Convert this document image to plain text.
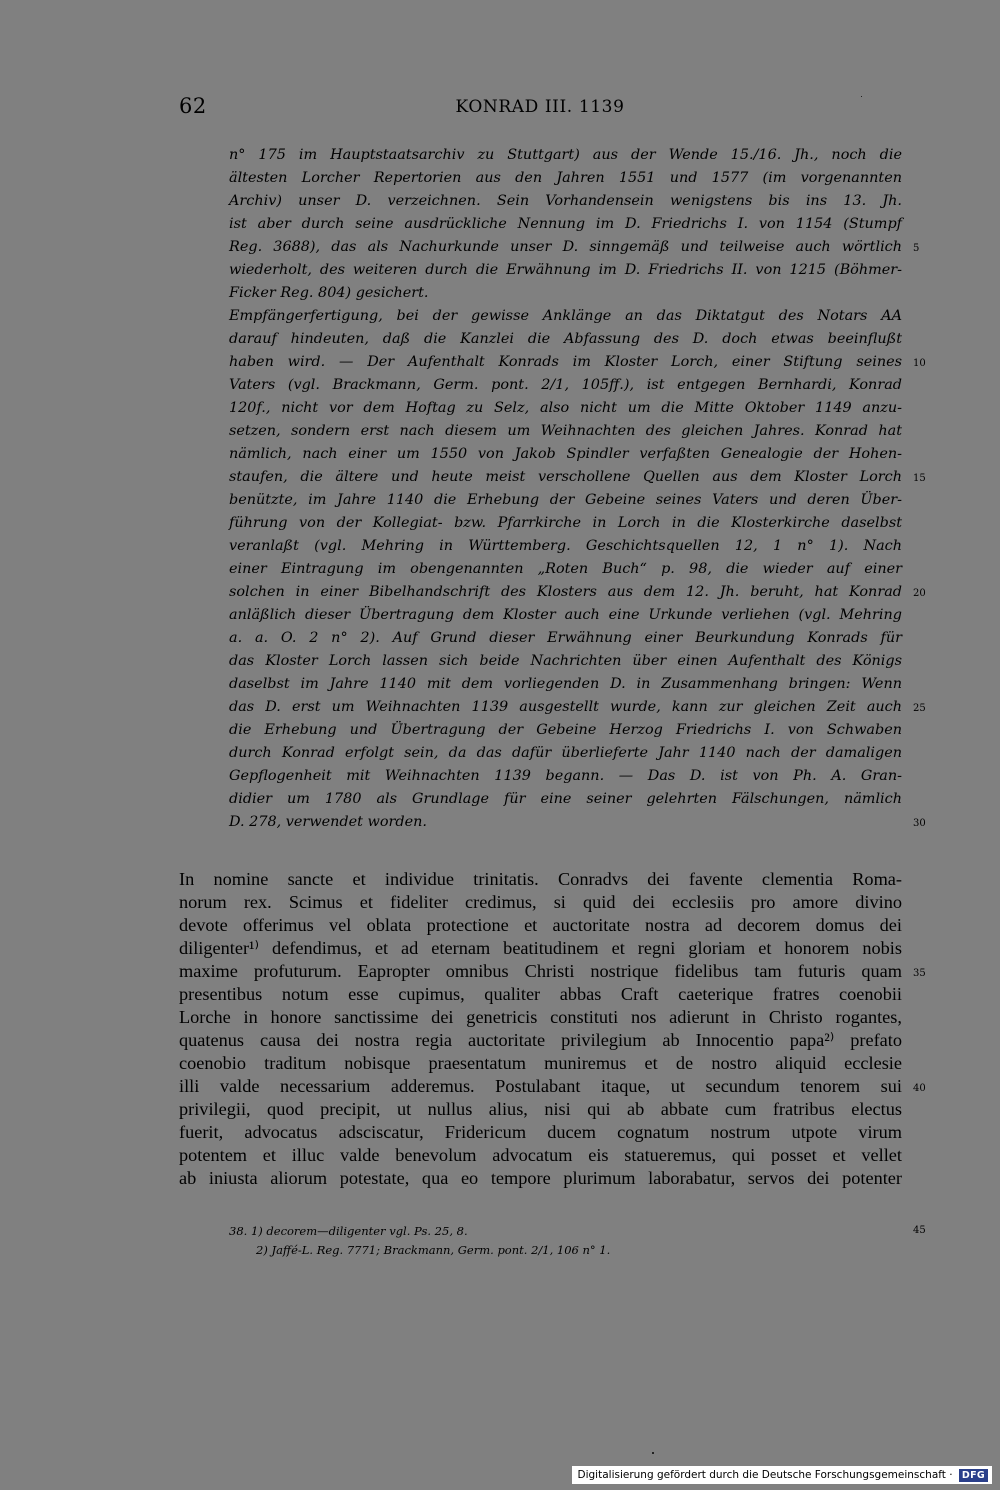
62	KONRAD III. 1139
n° 175 im Hauptstaatsarchiv zu Stuttgart) aus der Wende 15./16. Jh., noch die
ältesten Lorcher Repertorien aus den Jahren 1551 und 1577 (im vorgenannten
Archiv) unser D. verzeichnen. Sein Vorhandensein wenigstens bis ins 13. Jh.
ist aber durch seine ausdrückliche Nennung im D. Friedrichs I. von 1154 (Stumpf
Reg. 3688), das als Nachurkunde unser D. sinngemäß und teilweise auch wörtlich
wiederholt, des weiteren durch die Erwähnung im D. Friedrichs II. von 1215 (Böhmer-
Ficker Reg. 804) gesichert.
Empfängerfertigung, bei der gewisse Anklänge an das Diktatgut des Notars AA
darauf hindeuten, daß die Kanzlei die Abfassung des D. doch etwas beeinflußt
haben wird. — Der Aufenthalt Konrads im Kloster Lorch, einer Stiftung seines
Vaters (vgl. Brackmann, Germ. pont. 2/1, 105ff.), ist entgegen Bernhardi, Konrad
120f., nicht vor dem Hoftag zu Selz, also nicht um die Mitte Oktober 1149 anzu-
setzen, sondern erst nach diesem um Weihnachten des gleichen Jahres. Konrad hat
nämlich, nach einer um 1550 von Jakob Spindler verfaßten Genealogie der Hohen-
staufen, die ältere und heute meist verschollene Quellen aus dem Kloster Lorch
benützte, im Jahre 1140 die Erhebung der Gebeine seines Vaters und deren Über-
führung von der Kollegiat- bzw. Pfarrkirche in Lorch in die Klosterkirche daselbst
veranlaßt (vgl. Mehring in Württemberg. Geschichtsquellen 12, 1 n° 1). Nach
einer Eintragung im obengenannten „Roten Buch“ p. 98, die wieder auf einer
solchen in einer Bibelhandschrift des Klosters aus dem 12. Jh. beruht, hat Konrad
anläßlich dieser Übertragung dem Kloster auch eine Urkunde verliehen (vgl. Mehring
a. a. O. 2 n° 2). Auf Grund dieser Erwähnung einer Beurkundung Konrads für
das Kloster Lorch lassen sich beide Nachrichten über einen Aufenthalt des Königs
daselbst im Jahre 1140 mit dem vorliegenden D. in Zusammenhang bringen: Wenn
das D. erst um Weihnachten 1139 ausgestellt wurde, kann zur gleichen Zeit auch
die Erhebung und Übertragung der Gebeine Herzog Friedrichs I. von Schwaben
durch Konrad erfolgt sein, da das dafür überlieferte Jahr 1140 nach der damaligen
Gepflogenheit mit Weihnachten 1139 begann. — Das D. ist von Ph. A. Gran-
didier um 1780 als Grundlage für eine seiner gelehrten Fälschungen, nämlich
D. 278, verwendet worden.
In nomine sancte et individue trinitatis. Conradvs dei favente clementia Roma-
norum rex. Scimus et fideliter credimus, si quid dei ecclesiis pro amore divino
devote offerimus vel oblata protectione et auctoritate nostra ad decorem domus dei
diligenter¹⁾ defendimus, et ad eternam beatitudinem et regni gloriam et honorem nobis
maxime profuturum. Eapropter omnibus Christi nostrique fidelibus tam futuris quam
presentibus notum esse cupimus, qualiter abbas Craft caeterique fratres coenobii
Lorche in honore sanctissime dei genetricis constituti nos adierunt in Christo rogantes,
quatenus causa dei nostra regia auctoritate privilegium ab Innocentio papa²⁾ prefato
coenobio traditum nobisque praesentatum muniremus et de nostro aliquid ecclesie
illi valde necessarium adderemus. Postulabant itaque, ut secundum tenorem sui
privilegii, quod precipit, ut nullus alius, nisi qui ab abbate cum fratribus electus
fuerit, advocatus adsciscatur, Fridericum ducem cognatum nostrum utpote virum
potentem et illuc valde benevolum advocatum eis statueremus, qui posset et vellet
ab iniusta aliorum potestate, qua eo tempore plurimum laborabatur, servos dei potenter
5
10
15
20
25
30
35
40
45
38. 1) decorem—diligenter vgl. Ps. 25, 8.
2) Jaffé-L. Reg. 7771; Brackmann, Germ. pont. 2/1, 106 n° 1.
Digitalisierung gefördert durch die Deutsche Forschungsgemeinschaft · DFG
